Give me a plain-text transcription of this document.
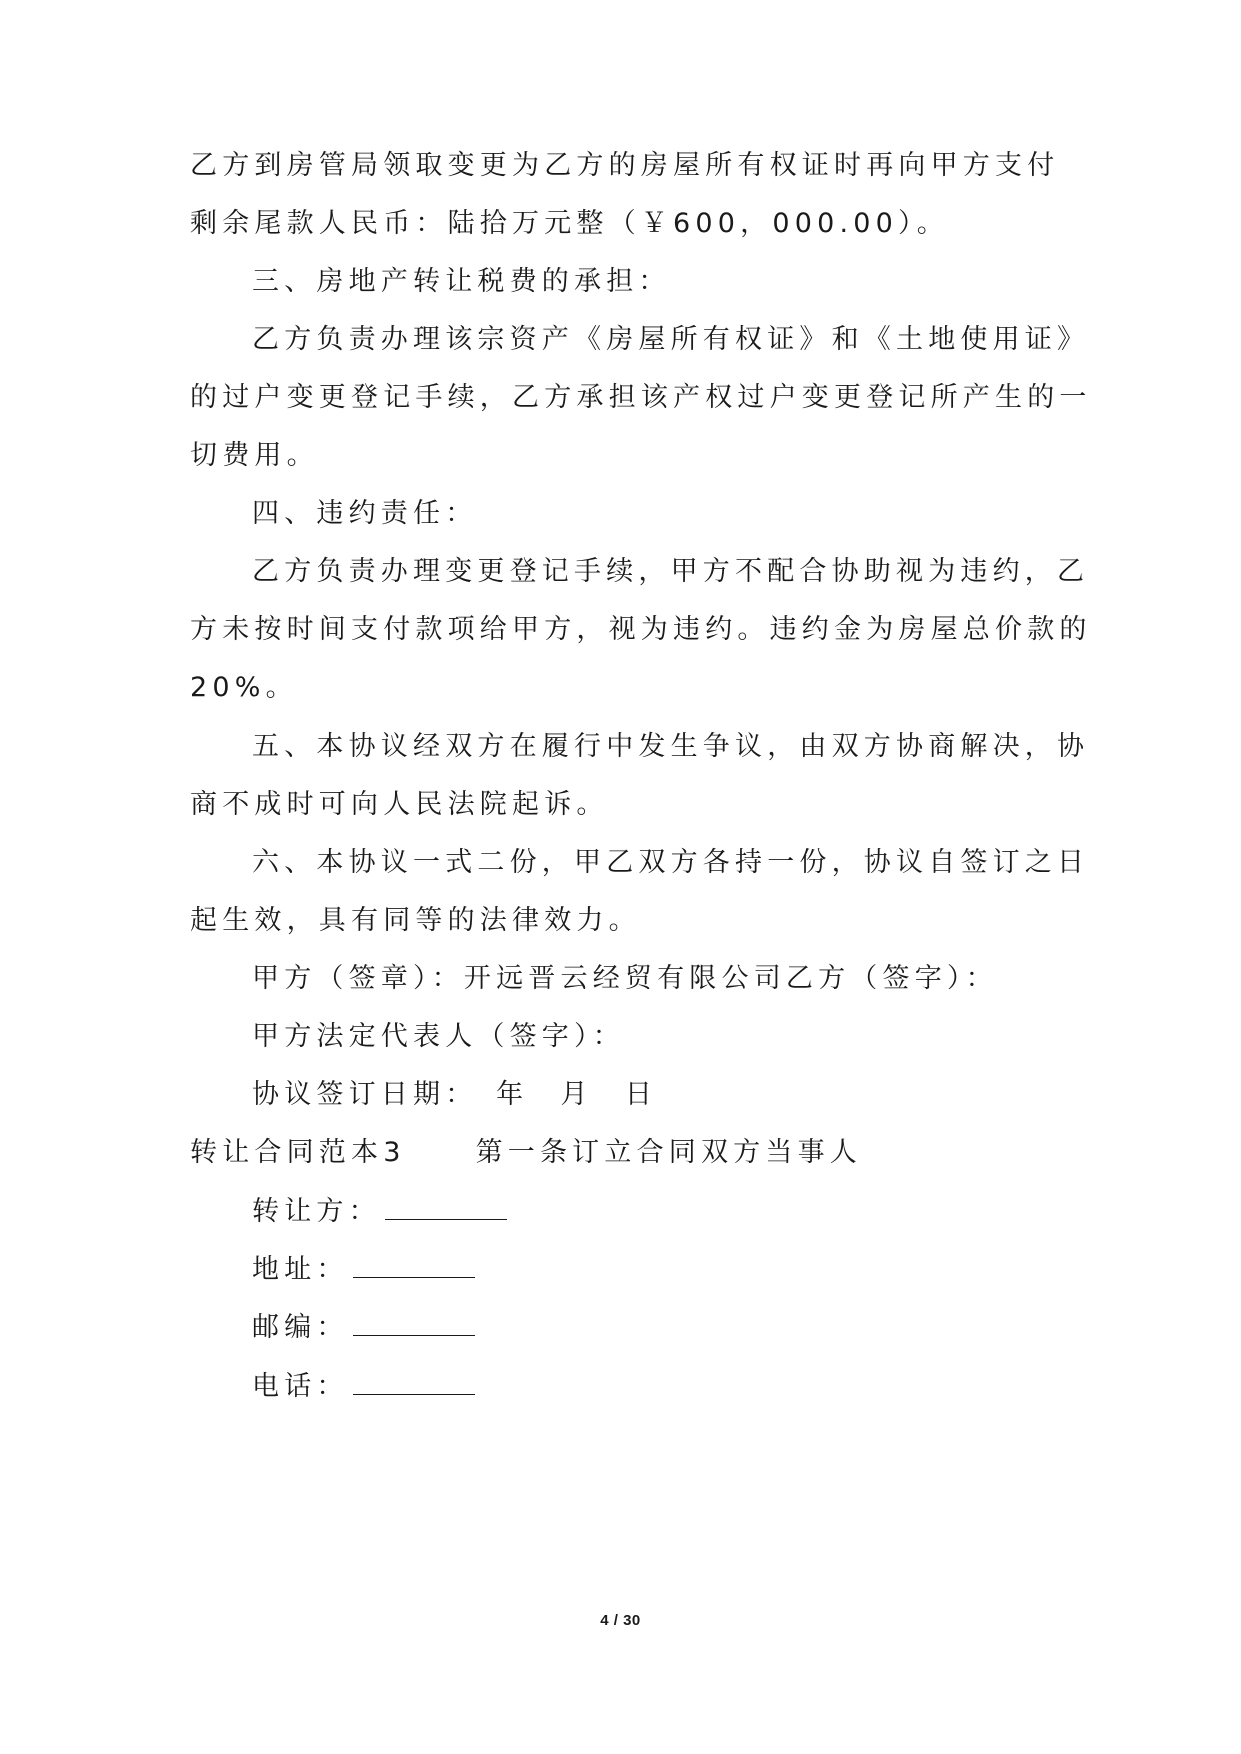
乙方到房管局领取变更为乙方的房屋所有权证时再向甲方支付
剩余尾款人民币：陆拾万元整（￥600，000.00）。
三、房地产转让税费的承担：
乙方负责办理该宗资产《房屋所有权证》和《土地使用证》
的过户变更登记手续，乙方承担该产权过户变更登记所产生的一
切费用。
四、违约责任：
乙方负责办理变更登记手续，甲方不配合协助视为违约，乙
方未按时间支付款项给甲方，视为违约。违约金为房屋总价款的
20%。
五、本协议经双方在履行中发生争议，由双方协商解决，协
商不成时可向人民法院起诉。
六、本协议一式二份，甲乙双方各持一份，协议自签订之日
起生效，具有同等的法律效力。
甲方（签章）：开远晋云经贸有限公司乙方（签字）：
甲方法定代表人（签字）：
协议签订日期：　年　月　日
转让合同范本3	第一条订立合同双方当事人
转让方：
地址：
邮编：
电话：
4 / 30
